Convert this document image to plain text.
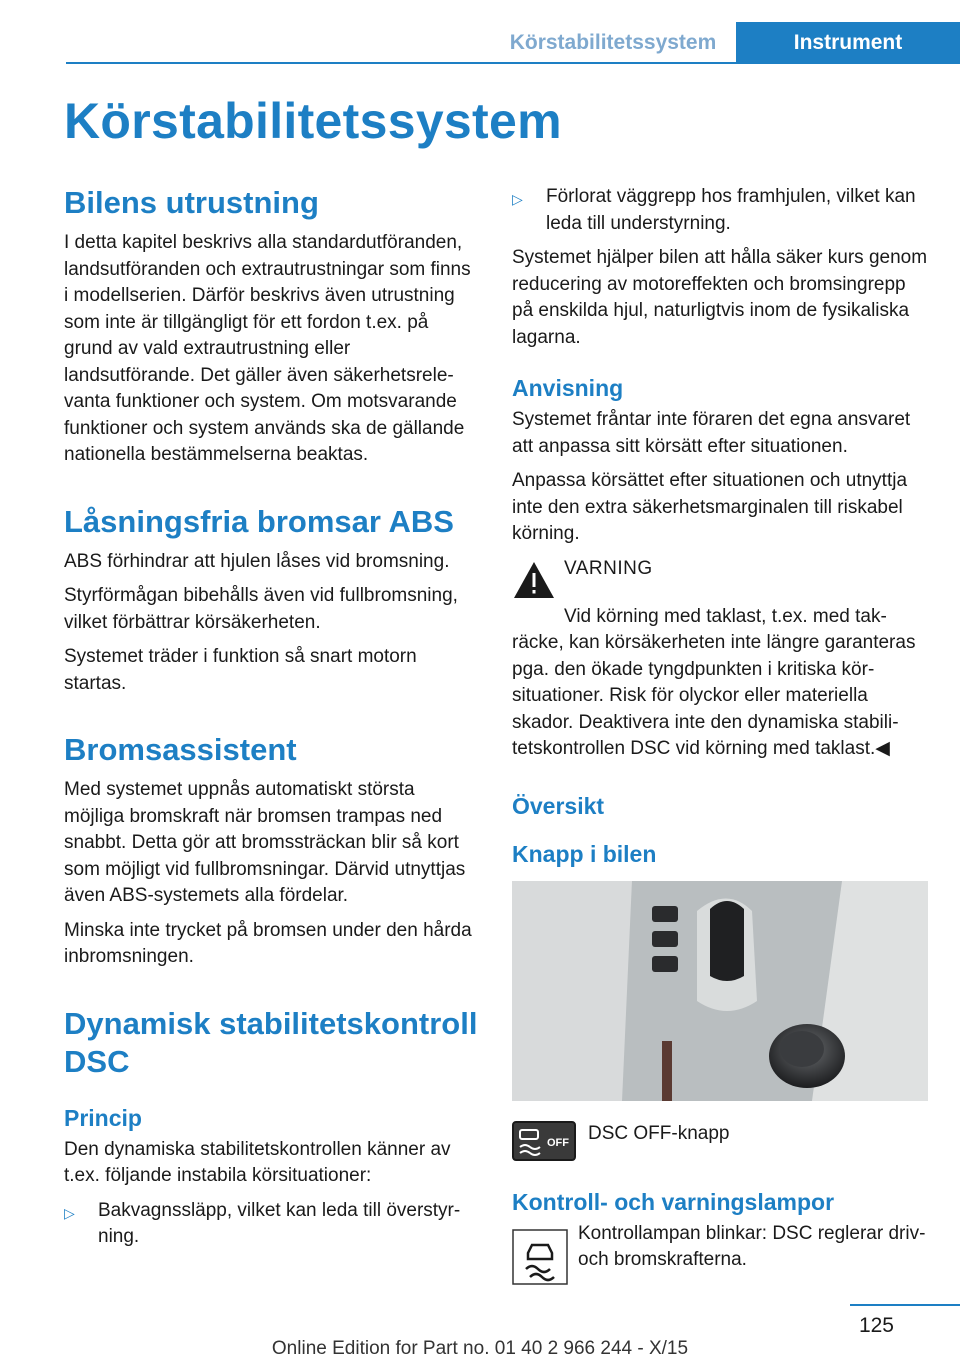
Körstabilitetssystem	Instrument
Körstabilitetssystem
Bilens utrustning

I detta kapitel beskrivs alla standardutföranden, landsutföranden och extrautrustningar som finns i modellserien. Därför beskrivs även utrustning som inte är tillgängligt för ett fordon t.ex. på grund av vald extrautrustning eller landsutförande. Det gäller även säkerhetsrelevanta funktioner och system. Om motsvarande funktioner och system används ska de gällande nationella bestämmelserna beaktas.

Låsningsfria bromsar ABS

ABS förhindrar att hjulen låses vid bromsning.

Styrförmågan bibehålls även vid fullbromsning, vilket förbättrar körsäkerheten.

Systemet träder i funktion så snart motorn startas.

Bromsassistent

Med systemet uppnås automatiskt största möjliga bromskraft när bromsen trampas ned snabbt. Detta gör att bromssträckan blir så kort som möjligt vid fullbromsningar. Därvid utnyttjas även ABS-systemets alla fördelar.

Minska inte trycket på bromsen under den hårda inbromsningen.

Dynamisk stabilitetskontroll DSC
Princip

Den dynamiska stabilitetskontrollen känner av t.ex. följande instabila körsituationer:

▷	Bakvagnssläpp, vilket kan leda till överstyrning.
▷	Förlorat väggrepp hos framhjulen, vilket kan leda till understyrning.

Systemet hjälper bilen att hålla säker kurs genom reducering av motoreffekten och bromsingrepp på enskilda hjul, naturligtvis inom de fysikaliska lagarna.

Anvisning

Systemet fråntar inte föraren det egna ansvaret att anpassa sitt körsätt efter situationen.

Anpassa körsättet efter situationen och utnyttja inte den extra säkerhetsmarginalen till riskabel körning.

VARNING

Vid körning med taklast, t.ex. med takräcke, kan körsäkerheten inte längre garanteras pga. den ökade tyngdpunkten i kritiska körsituationer. Risk för olyckor eller materiella skador. Deaktivera inte den dynamiska stabilitetskontrollen DSC vid körning med taklast.◀

Översikt
Knapp i bilen
OFF DSC OFF-knapp

Kontroll- och varningslampor

Kontrollampan blinkar: DSC reglerar driv- och bromskrafterna.

125
Online Edition for Part no. 01 40 2 966 244 - X/15
